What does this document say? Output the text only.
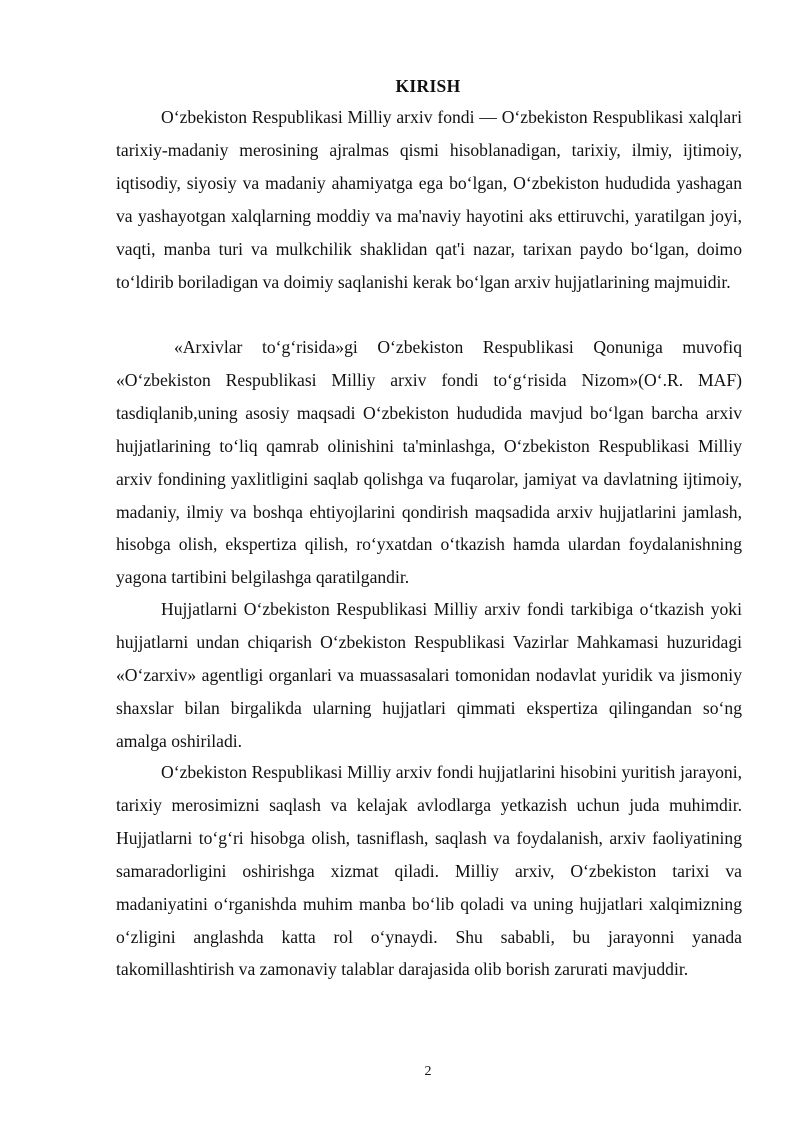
KIRISH

O‘zbekiston Respublikasi Milliy arxiv fondi — O‘zbekiston Respublikasi xalqlari tarixiy-madaniy merosining ajralmas qismi hisoblanadigan, tarixiy, ilmiy, ijtimoiy, iqtisodiy, siyosiy va madaniy ahamiyatga ega bo‘lgan, O‘zbekiston hududida yashagan va yashayotgan xalqlarning moddiy va ma'naviy hayotini aks ettiruvchi, yaratilgan joyi, vaqti, manba turi va mulkchilik shaklidan qat'i nazar, tarixan paydo bo‘lgan, doimo to‘ldirib boriladigan va doimiy saqlanishi kerak bo‘lgan arxiv hujjatlarining majmuidir.

«Arxivlar to‘g‘risida»gi O‘zbekiston Respublikasi Qonuniga muvofiq «O‘zbekiston Respublikasi Milliy arxiv fondi to‘g‘risida Nizom»(O‘.R. MAF) tasdiqlanib,uning asosiy maqsadi O‘zbekiston hududida mavjud bo‘lgan barcha arxiv hujjatlarining to‘liq qamrab olinishini ta'minlashga, O‘zbekiston Respublikasi Milliy arxiv fondining yaxlitligini saqlab qolishga va fuqarolar, jamiyat va davlatning ijtimoiy, madaniy, ilmiy va boshqa ehtiyojlarini qondirish maqsadida arxiv hujjatlarini jamlash, hisobga olish, ekspertiza qilish, ro‘yxatdan o‘tkazish hamda ulardan foydalanishning yagona tartibini belgilashga qaratilgandir.

Hujjatlarni O‘zbekiston Respublikasi Milliy arxiv fondi tarkibiga o‘tkazish yoki hujjatlarni undan chiqarish O‘zbekiston Respublikasi Vazirlar Mahkamasi huzuridagi «O‘zarxiv» agentligi organlari va muassasalari tomonidan nodavlat yuridik va jismoniy shaxslar bilan birgalikda ularning hujjatlari qimmati ekspertiza qilingandan so‘ng amalga oshiriladi.

O‘zbekiston Respublikasi Milliy arxiv fondi hujjatlarini hisobini yuritish jarayoni, tarixiy merosimizni saqlash va kelajak avlodlarga yetkazish uchun juda muhimdir. Hujjatlarni to‘g‘ri hisobga olish, tasniflash, saqlash va foydalanish, arxiv faoliyatining samaradorligini oshirishga xizmat qiladi. Milliy arxiv, O‘zbekiston tarixi va madaniyatini o‘rganishda muhim manba bo‘lib qoladi va uning hujjatlari xalqimizning o‘zligini anglashda katta rol o‘ynaydi. Shu sababli, bu jarayonni yanada takomillashtirish va zamonaviy talablar darajasida olib borish zarurati mavjuddir.

2
